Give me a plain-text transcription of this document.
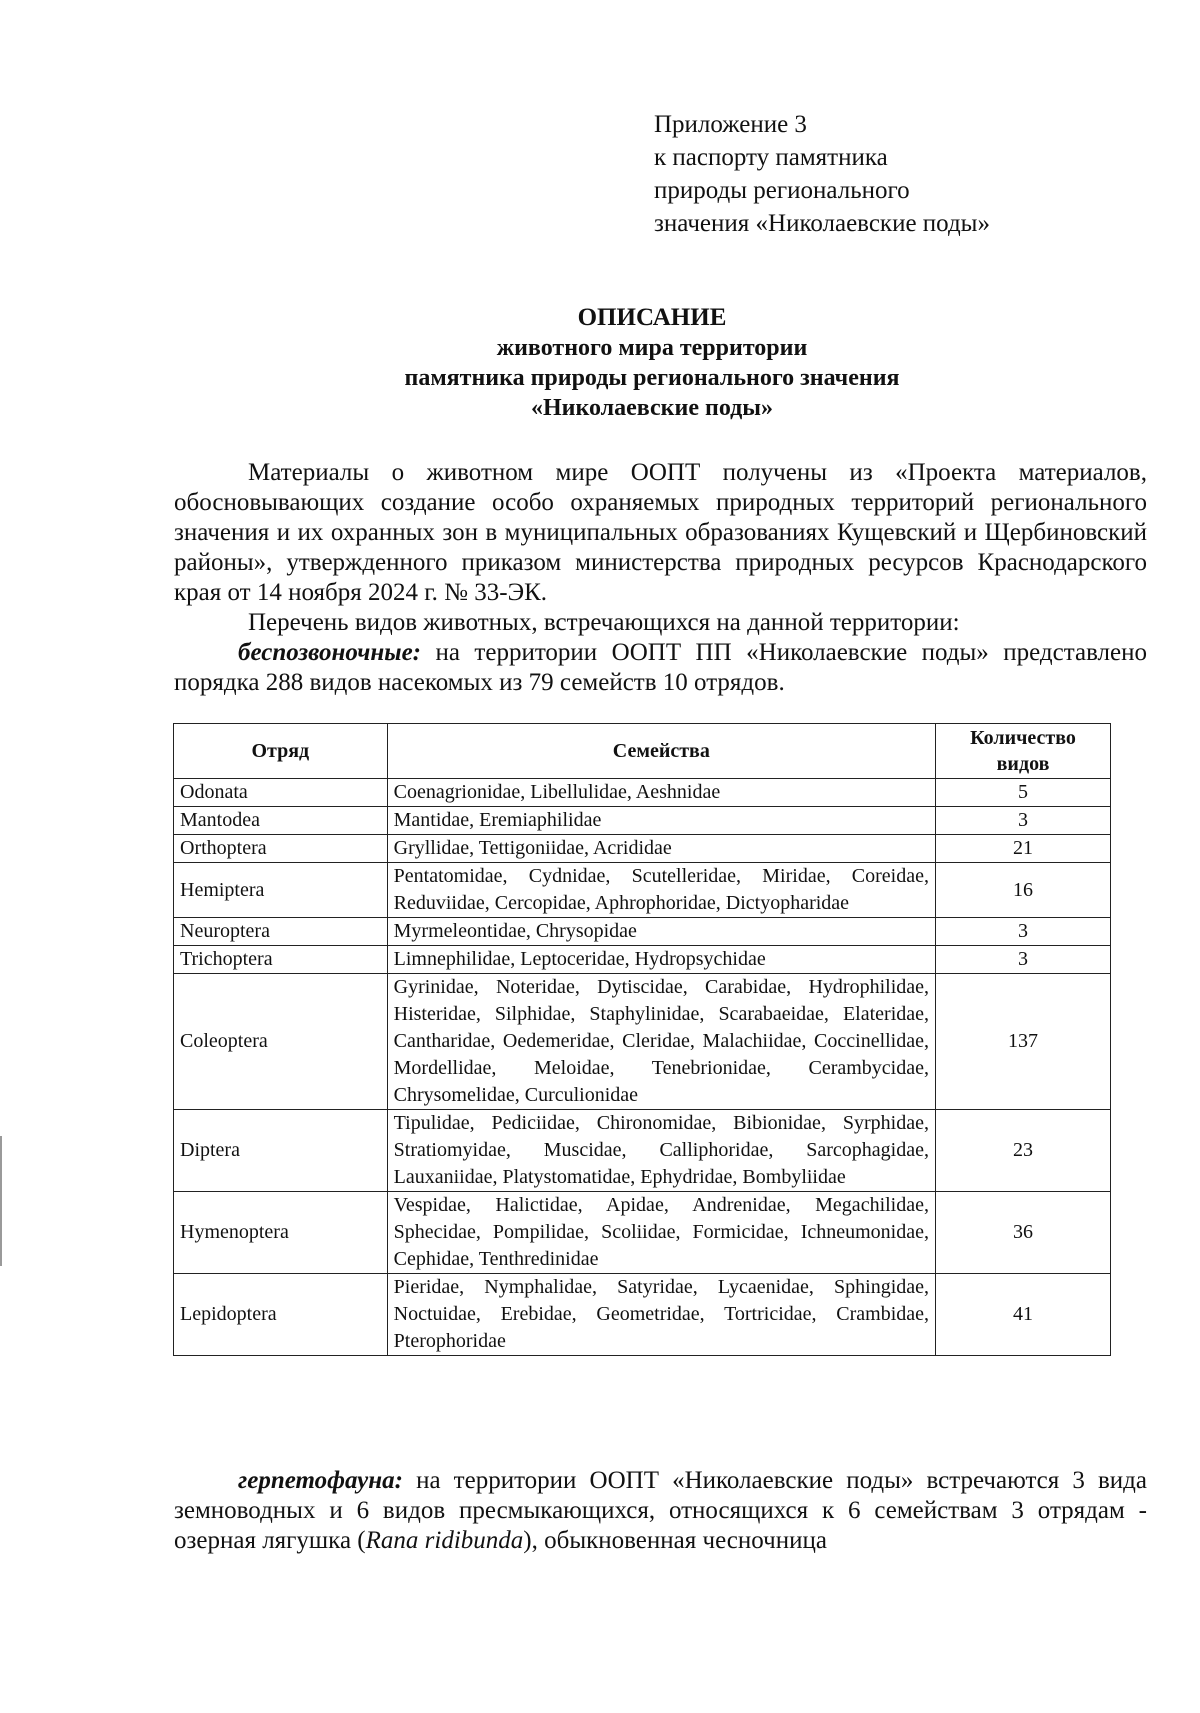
Приложение 3
к паспорту памятника
природы регионального
значения «Николаевские поды»
ОПИСАНИЕ
животного мира территории
памятника природы регионального значения
«Николаевские поды»
Материалы о животном мире ООПТ получены из «Проекта материалов, обосновывающих создание особо охраняемых природных территорий регионального значения и их охранных зон в муниципальных образованиях Кущевский и Щербиновский районы», утвержденного приказом министерства природных ресурсов Краснодарского края от 14 ноября 2024 г. № 33-ЭК.
Перечень видов животных, встречающихся на данной территории:
беспозвоночные: на территории ООПТ ПП «Николаевские поды» представлено порядка 288 видов насекомых из 79 семейств 10 отрядов.
Отряд	Семейства	Количество видов
Odonata	Coenagrionidae, Libellulidae, Aeshnidae	5
Mantodea	Mantidae, Eremiaphilidae	3
Orthoptera	Gryllidae, Tettigoniidae, Acrididae	21
Hemiptera	Pentatomidae, Cydnidae, Scutelleridae, Miridae, Coreidae, Reduviidae, Cercopidae, Aphrophoridae, Dictyopharidae	16
Neuroptera	Myrmeleontidae, Chrysopidae	3
Trichoptera	Limnephilidae, Leptoceridae, Hydropsychidae	3
Coleoptera	Gyrinidae, Noteridae, Dytiscidae, Carabidae, Hydrophilidae, Histeridae, Silphidae, Staphylinidae, Scarabaeidae, Elateridae, Cantharidae, Oedemeridae, Cleridae, Malachiidae, Coccinellidae, Mordellidae, Meloidae, Tenebrionidae, Cerambycidae, Chrysomelidae, Curculionidae	137
Diptera	Tipulidae, Pediciidae, Chironomidae, Bibionidae, Syrphidae, Stratiomyidae, Muscidae, Calliphoridae, Sarcophagidae, Lauxaniidae, Platystomatidae, Ephydridae, Bombyliidae	23
Hymenoptera	Vespidae, Halictidae, Apidae, Andrenidae, Megachilidae, Sphecidae, Pompilidae, Scoliidae, Formicidae, Ichneumonidae, Cephidae, Tenthredinidae	36
Lepidoptera	Pieridae, Nymphalidae, Satyridae, Lycaenidae, Sphingidae, Noctuidae, Erebidae, Geometridae, Tortricidae, Crambidae, Pterophoridae	41
герпетофауна: на территории ООПТ «Николаевские поды» встречаются 3 вида земноводных и 6 видов пресмыкающихся, относящихся к 6 семействам 3 отрядам - озерная лягушка (Rana ridibunda), обыкновенная чесночница
